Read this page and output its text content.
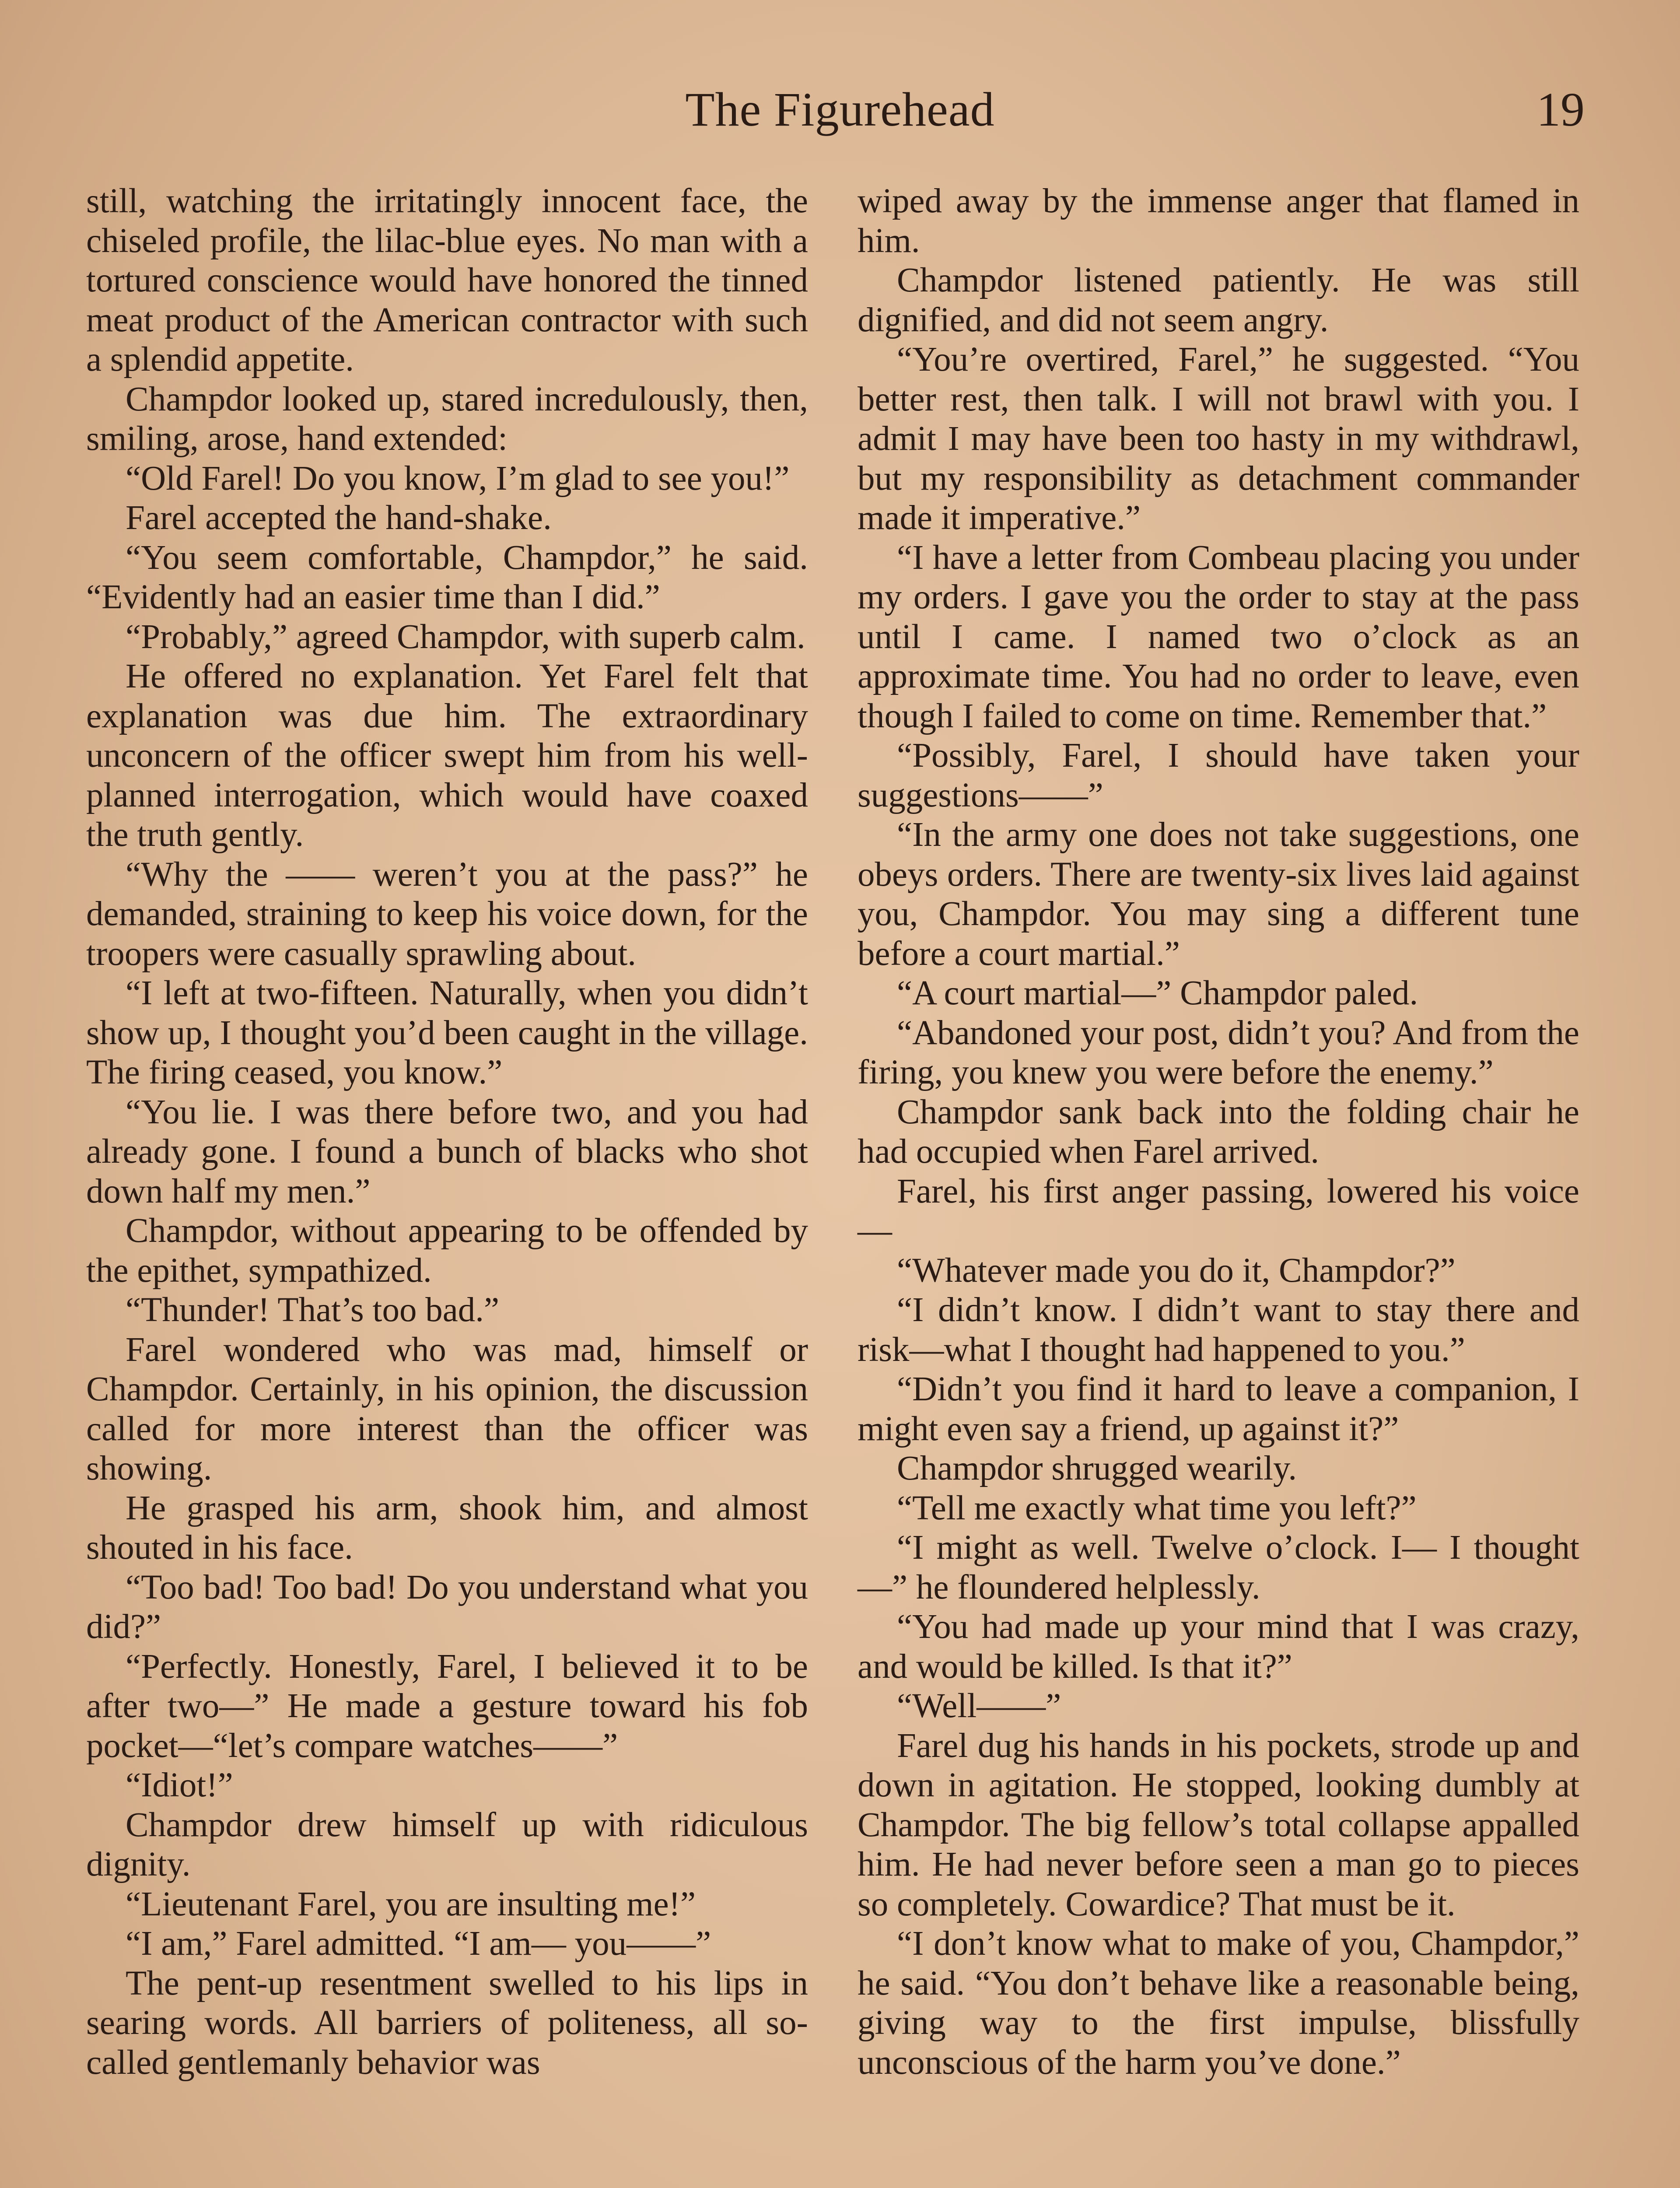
The Figurehead	19

still, watching the irritatingly innocent face, the chiseled profile, the lilac-blue eyes. No man with a tortured conscience would have honored the tinned meat product of the American contractor with such a splendid appetite.

Champdor looked up, stared incredulously, then, smiling, arose, hand extended:

“Old Farel! Do you know, I’m glad to see you!”

Farel accepted the hand-shake.

“You seem comfortable, Champdor,” he said. “Evidently had an easier time than I did.”

“Probably,” agreed Champdor, with superb calm.

He offered no explanation. Yet Farel felt that explanation was due him. The extraordinary unconcern of the officer swept him from his well-planned interrogation, which would have coaxed the truth gently.

“Why the —— weren’t you at the pass?” he demanded, straining to keep his voice down, for the troopers were casually sprawling about.

“I left at two-fifteen. Naturally, when you didn’t show up, I thought you’d been caught in the village. The firing ceased, you know.”

“You lie. I was there before two, and you had already gone. I found a bunch of blacks who shot down half my men.”

Champdor, without appearing to be offended by the epithet, sympathized.

“Thunder! That’s too bad.”

Farel wondered who was mad, himself or Champdor. Certainly, in his opinion, the discussion called for more interest than the officer was showing.

He grasped his arm, shook him, and almost shouted in his face.

“Too bad! Too bad! Do you understand what you did?”

“Perfectly. Honestly, Farel, I believed it to be after two—” He made a gesture toward his fob pocket—“let’s compare watches——”

“Idiot!”

Champdor drew himself up with ridiculous dignity.

“Lieutenant Farel, you are insulting me!”

“I am,” Farel admitted. “I am— you——”

The pent-up resentment swelled to his lips in searing words. All barriers of politeness, all so-called gentlemanly behavior was

wiped away by the immense anger that flamed in him.

Champdor listened patiently. He was still dignified, and did not seem angry.

“You’re overtired, Farel,” he suggested. “You better rest, then talk. I will not brawl with you. I admit I may have been too hasty in my withdrawl, but my responsibility as detachment commander made it imperative.”

“I have a letter from Combeau placing you under my orders. I gave you the order to stay at the pass until I came. I named two o’clock as an approximate time. You had no order to leave, even though I failed to come on time. Remember that.”

“Possibly, Farel, I should have taken your suggestions——”

“In the army one does not take suggestions, one obeys orders. There are twenty-six lives laid against you, Champdor. You may sing a different tune before a court martial.”

“A court martial—” Champdor paled.

“Abandoned your post, didn’t you? And from the firing, you knew you were before the enemy.”

Champdor sank back into the folding chair he had occupied when Farel arrived.

Farel, his first anger passing, lowered his voice—

“Whatever made you do it, Champdor?”

“I didn’t know. I didn’t want to stay there and risk—what I thought had happened to you.”

“Didn’t you find it hard to leave a companion, I might even say a friend, up against it?”

Champdor shrugged wearily.

“Tell me exactly what time you left?”

“I might as well. Twelve o’clock. I— I thought—” he floundered helplessly.

“You had made up your mind that I was crazy, and would be killed. Is that it?”

“Well——”

Farel dug his hands in his pockets, strode up and down in agitation. He stopped, looking dumbly at Champdor. The big fellow’s total collapse appalled him. He had never before seen a man go to pieces so completely. Cowardice? That must be it.

“I don’t know what to make of you, Champdor,” he said. “You don’t behave like a reasonable being, giving way to the first impulse, blissfully unconscious of the harm you’ve done.”
